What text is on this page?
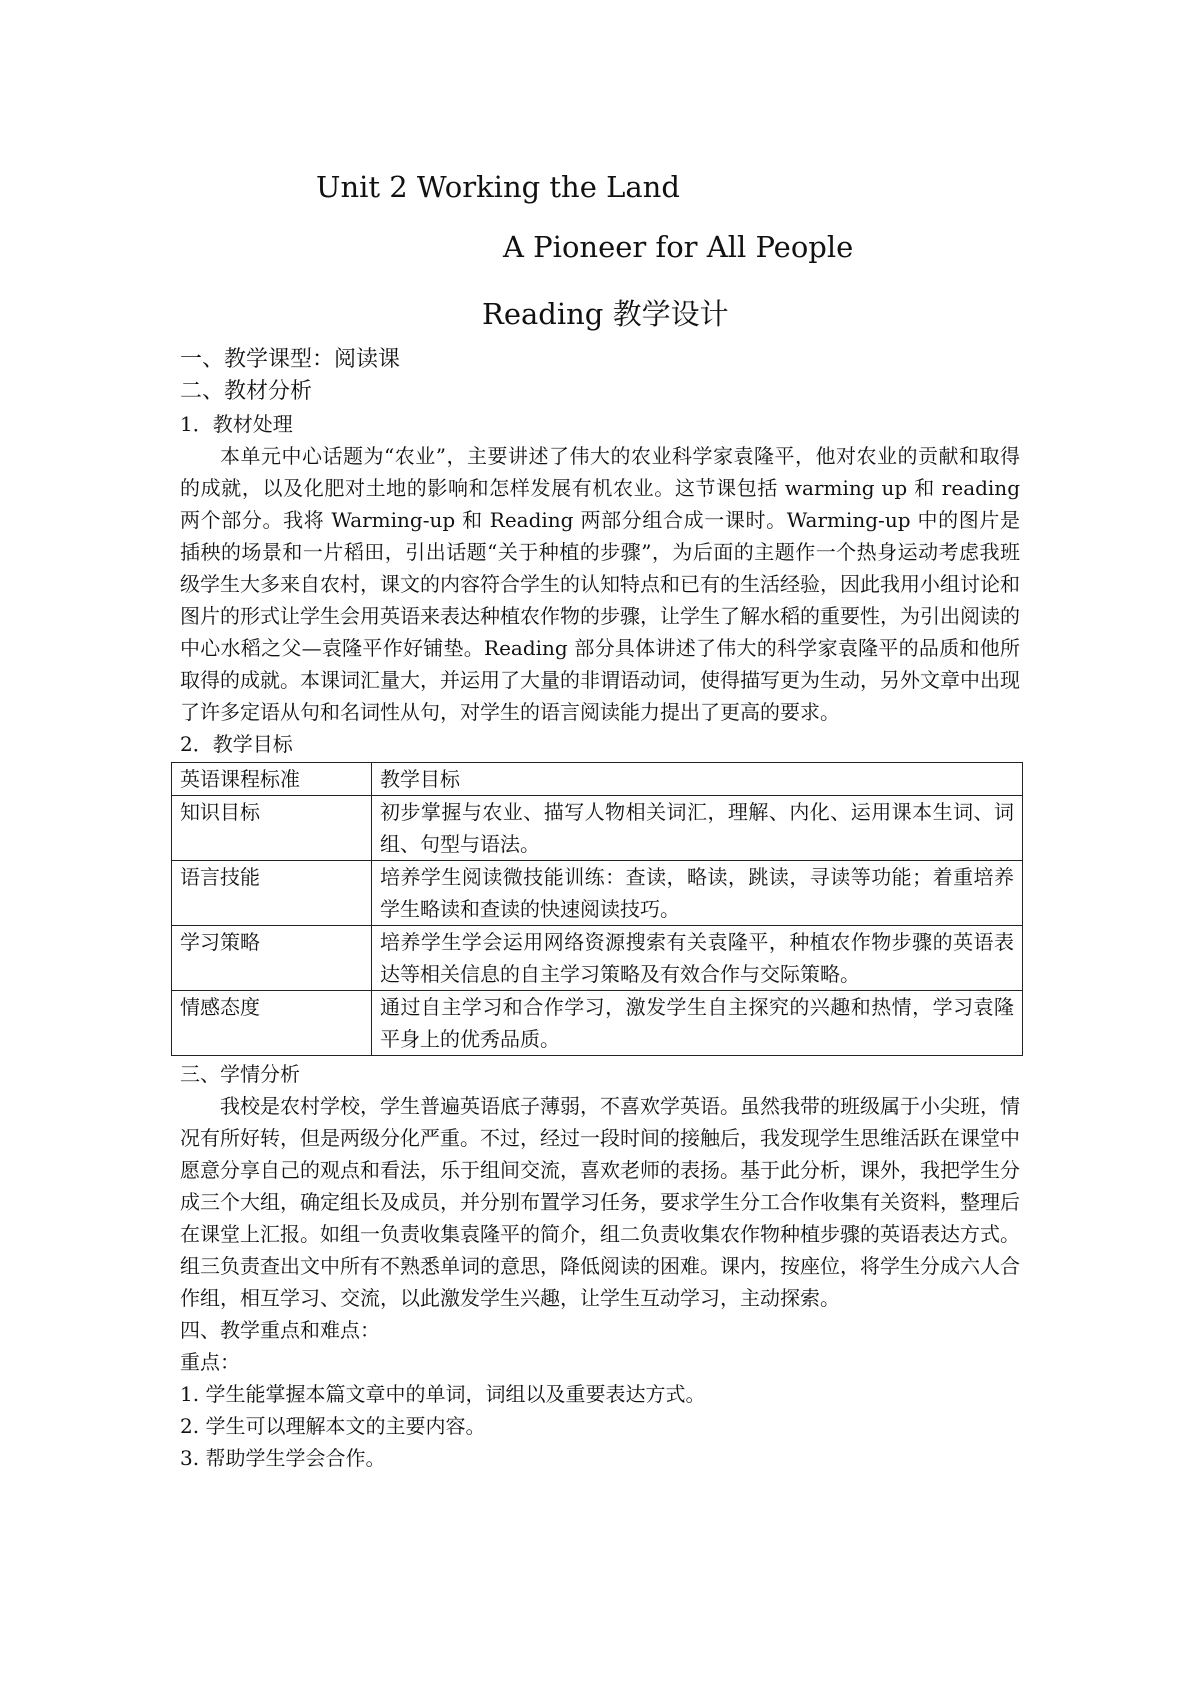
Unit 2 Working the Land
A Pioneer for All People
Reading 教学设计
一、教学课型：阅读课
二、教材分析
1．教材处理

本单元中心话题为“农业”，主要讲述了伟大的农业科学家袁隆平，他对农业的贡献和取得的成就，以及化肥对土地的影响和怎样发展有机农业。这节课包括 warming up 和 reading 两个部分。我将 Warming-up 和 Reading 两部分组合成一课时。Warming-up 中的图片是插秧的场景和一片稻田，引出话题“关于种植的步骤”，为后面的主题作一个热身运动考虑我班级学生大多来自农村，课文的内容符合学生的认知特点和已有的生活经验，因此我用小组讨论和图片的形式让学生会用英语来表达种植农作物的步骤，让学生了解水稻的重要性，为引出阅读的中心水稻之父—袁隆平作好铺垫。Reading 部分具体讲述了伟大的科学家袁隆平的品质和他所取得的成就。本课词汇量大，并运用了大量的非谓语动词，使得描写更为生动，另外文章中出现了许多定语从句和名词性从句，对学生的语言阅读能力提出了更高的要求。

2．教学目标
英语课程标准	教学目标
知识目标	初步掌握与农业、描写人物相关词汇，理解、内化、运用课本生词、词组、句型与语法。
语言技能	培养学生阅读微技能训练：查读，略读，跳读，寻读等功能；着重培养学生略读和查读的快速阅读技巧。
学习策略	培养学生学会运用网络资源搜索有关袁隆平，种植农作物步骤的英语表达等相关信息的自主学习策略及有效合作与交际策略。
情感态度	通过自主学习和合作学习，激发学生自主探究的兴趣和热情，学习袁隆平身上的优秀品质。
三、学情分析

我校是农村学校，学生普遍英语底子薄弱，不喜欢学英语。虽然我带的班级属于小尖班，情况有所好转，但是两级分化严重。不过，经过一段时间的接触后，我发现学生思维活跃在课堂中愿意分享自己的观点和看法，乐于组间交流，喜欢老师的表扬。基于此分析，课外，我把学生分成三个大组，确定组长及成员，并分别布置学习任务，要求学生分工合作收集有关资料，整理后在课堂上汇报。如组一负责收集袁隆平的简介，组二负责收集农作物种植步骤的英语表达方式。组三负责查出文中所有不熟悉单词的意思，降低阅读的困难。课内，按座位，将学生分成六人合作组，相互学习、交流，以此激发学生兴趣，让学生互动学习，主动探索。

四、教学重点和难点：
重点：
1. 学生能掌握本篇文章中的单词，词组以及重要表达方式。
2. 学生可以理解本文的主要内容。
3. 帮助学生学会合作。
